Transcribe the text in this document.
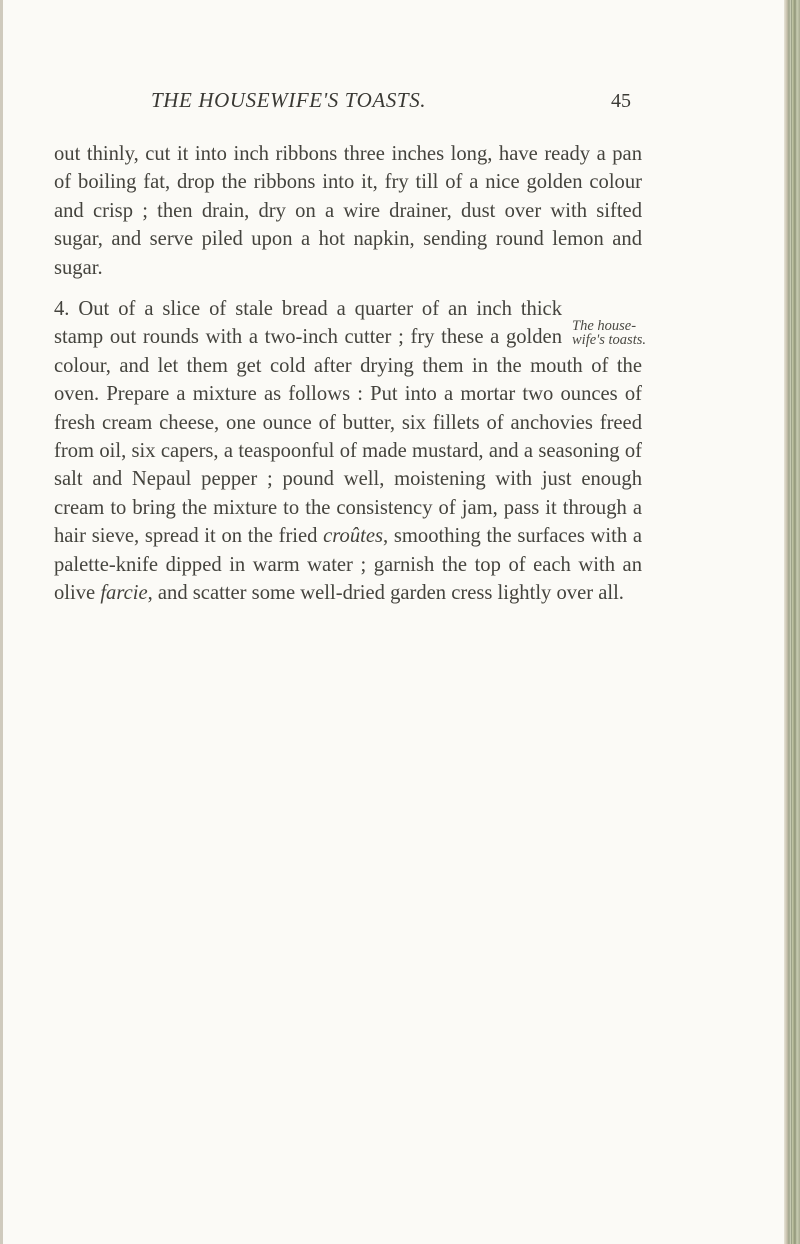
THE HOUSEWIFE'S TOASTS.	45

out thinly, cut it into inch ribbons three inches long, have ready a pan of boiling fat, drop the ribbons into it, fry till of a nice golden colour and crisp ; then drain, dry on a wire drainer, dust over with sifted sugar, and serve piled upon a hot napkin, sending round lemon and sugar.

The house-
wife's toasts.
4. Out of a slice of stale bread a quarter of an inch thick stamp out rounds with a two-inch cutter ; fry these a golden colour, and let them get cold after drying them in the mouth of the oven. Prepare a mixture as follows : Put into a mortar two ounces of fresh cream cheese, one ounce of butter, six fillets of anchovies freed from oil, six capers, a teaspoonful of made mustard, and a seasoning of salt and Nepaul pepper ; pound well, moistening with just enough cream to bring the mixture to the consistency of jam, pass it through a hair sieve, spread it on the fried croûtes, smoothing the surfaces with a palette-knife dipped in warm water ; garnish the top of each with an olive farcie, and scatter some well-dried garden cress lightly over all.
